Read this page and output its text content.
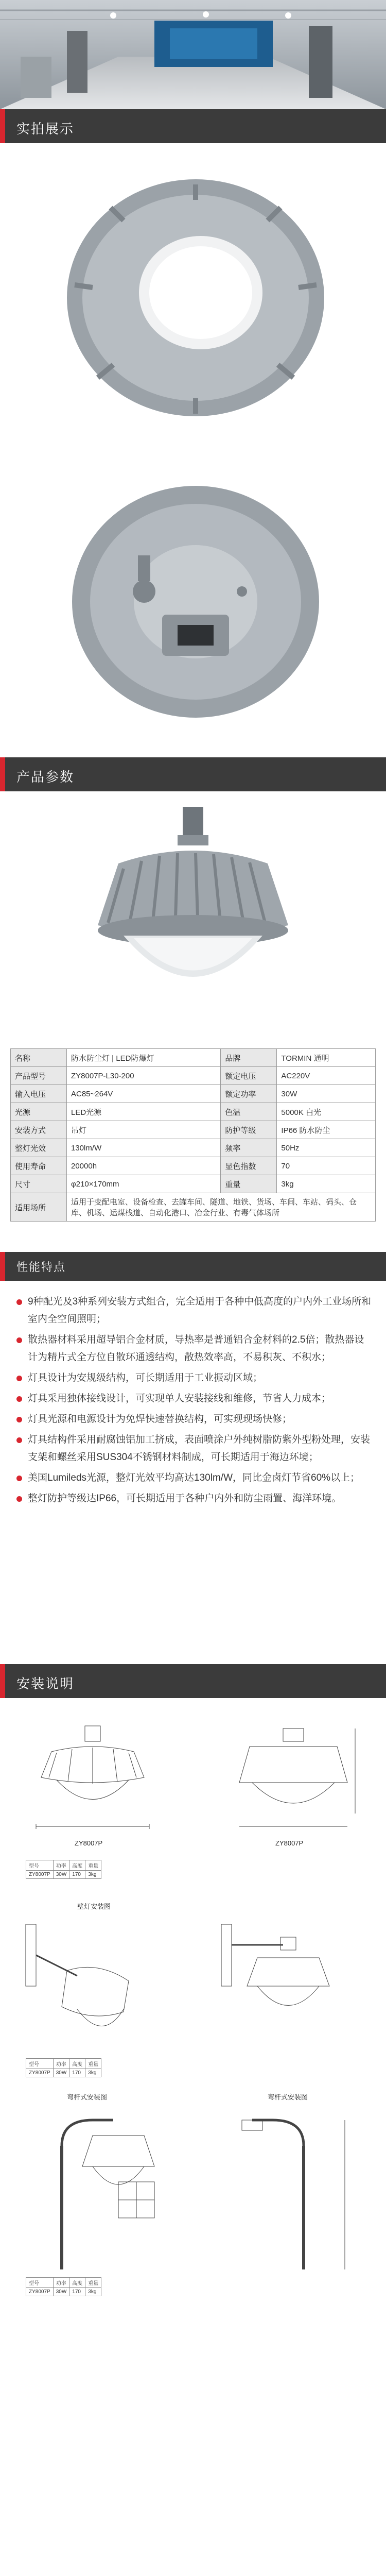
实拍展示
产品参数
名称	防水防尘灯 | LED防爆灯	品牌	TORMIN 通明
产品型号	ZY8007P-L30-200	额定电压	AC220V
输入电压	AC85~264V	额定功率	30W
光源	LED光源	色温	5000K 白光
安装方式	吊灯	防护等级	IP66 防水防尘
整灯光效	130lm/W	频率	50Hz
使用寿命	20000h	显色指数	70
尺寸	φ210×170mm	重量	3kg
适用场所	适用于变配电室、设备检查、去罐车间、隧道、地铁、货场、车间、车站、码头、仓库、机场、运煤栈道、自动化港口、冶金行业、有毒气体场所		
性能特点
9种配光及3种系列安装方式组合，完全适用于各种中低高度的户内外工业场所和室内全空间照明；
散热器材料采用超导铝合金材质，导热率是普通铝合金材料的2.5倍；散热器设计为精片式全方位自散环通透结构，散热效率高，不易积灰、不积水；
灯具设计为安规级结构，可长期适用于工业振动区域；
灯具采用独体接线设计，可实现单人安装接线和维修，节省人力成本；
灯具光源和电源设计为免焊快速替换结构，可实现现场快修；
灯具结构件采用耐腐蚀铝加工挤成，表面喷涂户外纯树脂防紫外型粉处理，安装支架和螺丝采用SUS304不锈钢材料制成，可长期适用于海边环境；
美国Lumileds光源，整灯光效平均高达130lm/W，同比金卤灯节省60%以上；
整灯防护等级达IP66，可长期适用于各种户内外和防尘雨置、海洋环境。
安装说明
ZY8007P	ZY8007P
型号	功率	高度	重量
ZY8007P	30W	170	3kg
壁灯安装图
型号	功率	高度	重量
ZY8007P	30W	170	3kg
弯杆式安装图	弯杆式安装图
型号	功率	高度	重量
ZY8007P	30W	170	3kg
